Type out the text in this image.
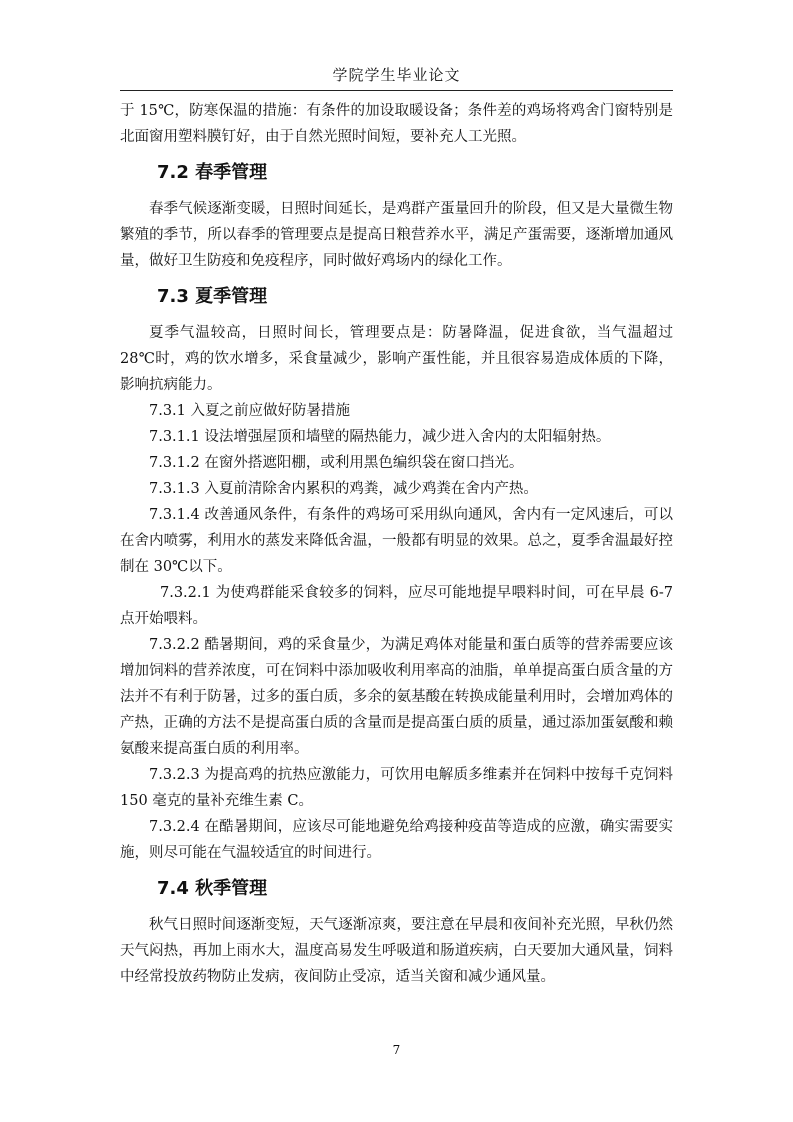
学院学生毕业论文

于 15℃，防寒保温的措施：有条件的加设取暖设备；条件差的鸡场将鸡舍门窗特别是北面窗用塑料膜钉好，由于自然光照时间短，要补充人工光照。

7.2 春季管理

春季气候逐渐变暖，日照时间延长，是鸡群产蛋量回升的阶段，但又是大量微生物繁殖的季节，所以春季的管理要点是提高日粮营养水平，满足产蛋需要，逐渐增加通风量，做好卫生防疫和免疫程序，同时做好鸡场内的绿化工作。

7.3 夏季管理

夏季气温较高，日照时间长，管理要点是：防暑降温，促进食欲，当气温超过 28℃时，鸡的饮水增多，采食量减少，影响产蛋性能，并且很容易造成体质的下降，影响抗病能力。

7.3.1 入夏之前应做好防暑措施

7.3.1.1 设法增强屋顶和墙壁的隔热能力，减少进入舍内的太阳辐射热。

7.3.1.2 在窗外搭遮阳棚，或利用黑色编织袋在窗口挡光。

7.3.1.3 入夏前清除舍内累积的鸡粪，减少鸡粪在舍内产热。

7.3.1.4 改善通风条件，有条件的鸡场可采用纵向通风，舍内有一定风速后，可以在舍内喷雾，利用水的蒸发来降低舍温，一般都有明显的效果。总之，夏季舍温最好控制在 30℃以下。

7.3.2.1 为使鸡群能采食较多的饲料，应尽可能地提早喂料时间，可在早晨 6-7 点开始喂料。

7.3.2.2 酷暑期间，鸡的采食量少，为满足鸡体对能量和蛋白质等的营养需要应该增加饲料的营养浓度，可在饲料中添加吸收利用率高的油脂，单单提高蛋白质含量的方法并不有利于防暑，过多的蛋白质，多余的氨基酸在转换成能量利用时，会增加鸡体的产热，正确的方法不是提高蛋白质的含量而是提高蛋白质的质量，通过添加蛋氨酸和赖氨酸来提高蛋白质的利用率。

7.3.2.3 为提高鸡的抗热应激能力，可饮用电解质多维素并在饲料中按每千克饲料 150 毫克的量补充维生素 C。

7.3.2.4 在酷暑期间，应该尽可能地避免给鸡接种疫苗等造成的应激，确实需要实施，则尽可能在气温较适宜的时间进行。

7.4 秋季管理

秋气日照时间逐渐变短，天气逐渐凉爽，要注意在早晨和夜间补充光照，早秋仍然天气闷热，再加上雨水大，温度高易发生呼吸道和肠道疾病，白天要加大通风量，饲料中经常投放药物防止发病，夜间防止受凉，适当关窗和减少通风量。

7
